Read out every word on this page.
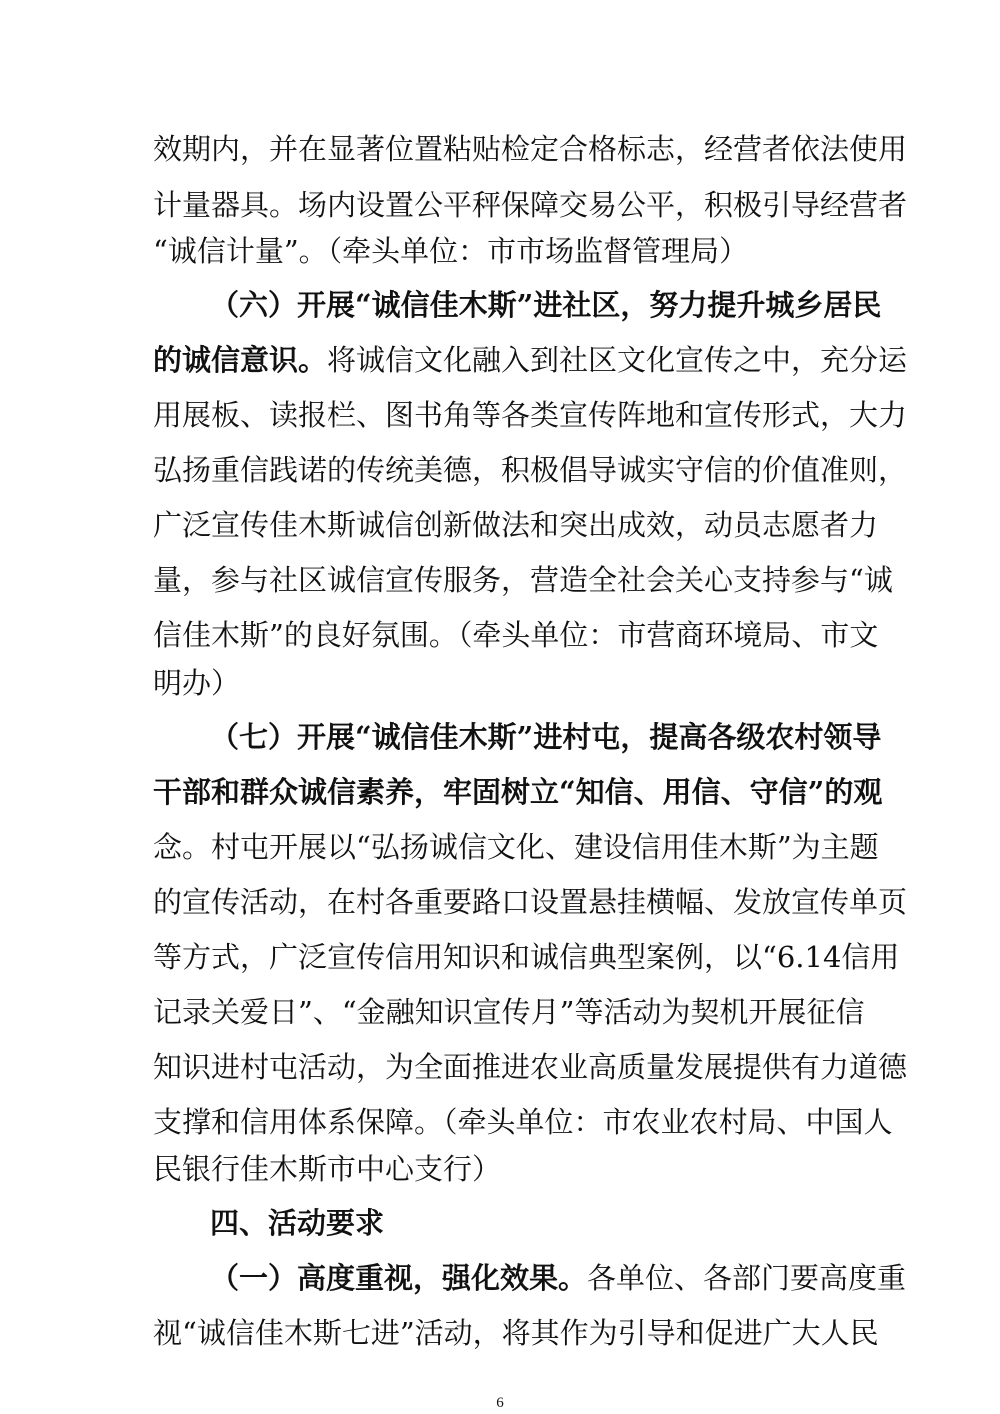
效期内，并在显著位置粘贴检定合格标志，经营者依法使用
计量器具。场内设置公平秤保障交易公平，积极引导经营者
“诚信计量”。（牵头单位：市市场监督管理局）
（六）开展“诚信佳木斯”进社区，努力提升城乡居民
的诚信意识。将诚信文化融入到社区文化宣传之中，充分运
用展板、读报栏、图书角等各类宣传阵地和宣传形式，大力
弘扬重信践诺的传统美德，积极倡导诚实守信的价值准则，
广泛宣传佳木斯诚信创新做法和突出成效，动员志愿者力
量，参与社区诚信宣传服务，营造全社会关心支持参与“诚
信佳木斯”的良好氛围。（牵头单位：市营商环境局、市文
明办）
（七）开展“诚信佳木斯”进村屯，提高各级农村领导
干部和群众诚信素养，牢固树立“知信、用信、守信”的观
念。村屯开展以“弘扬诚信文化、建设信用佳木斯”为主题
的宣传活动，在村各重要路口设置悬挂横幅、发放宣传单页
等方式，广泛宣传信用知识和诚信典型案例，以“6.14信用
记录关爱日”、“金融知识宣传月”等活动为契机开展征信
知识进村屯活动，为全面推进农业高质量发展提供有力道德
支撑和信用体系保障。（牵头单位：市农业农村局、中国人
民银行佳木斯市中心支行）
四、活动要求
（一）高度重视，强化效果。各单位、各部门要高度重
视“诚信佳木斯七进”活动，将其作为引导和促进广大人民
6
